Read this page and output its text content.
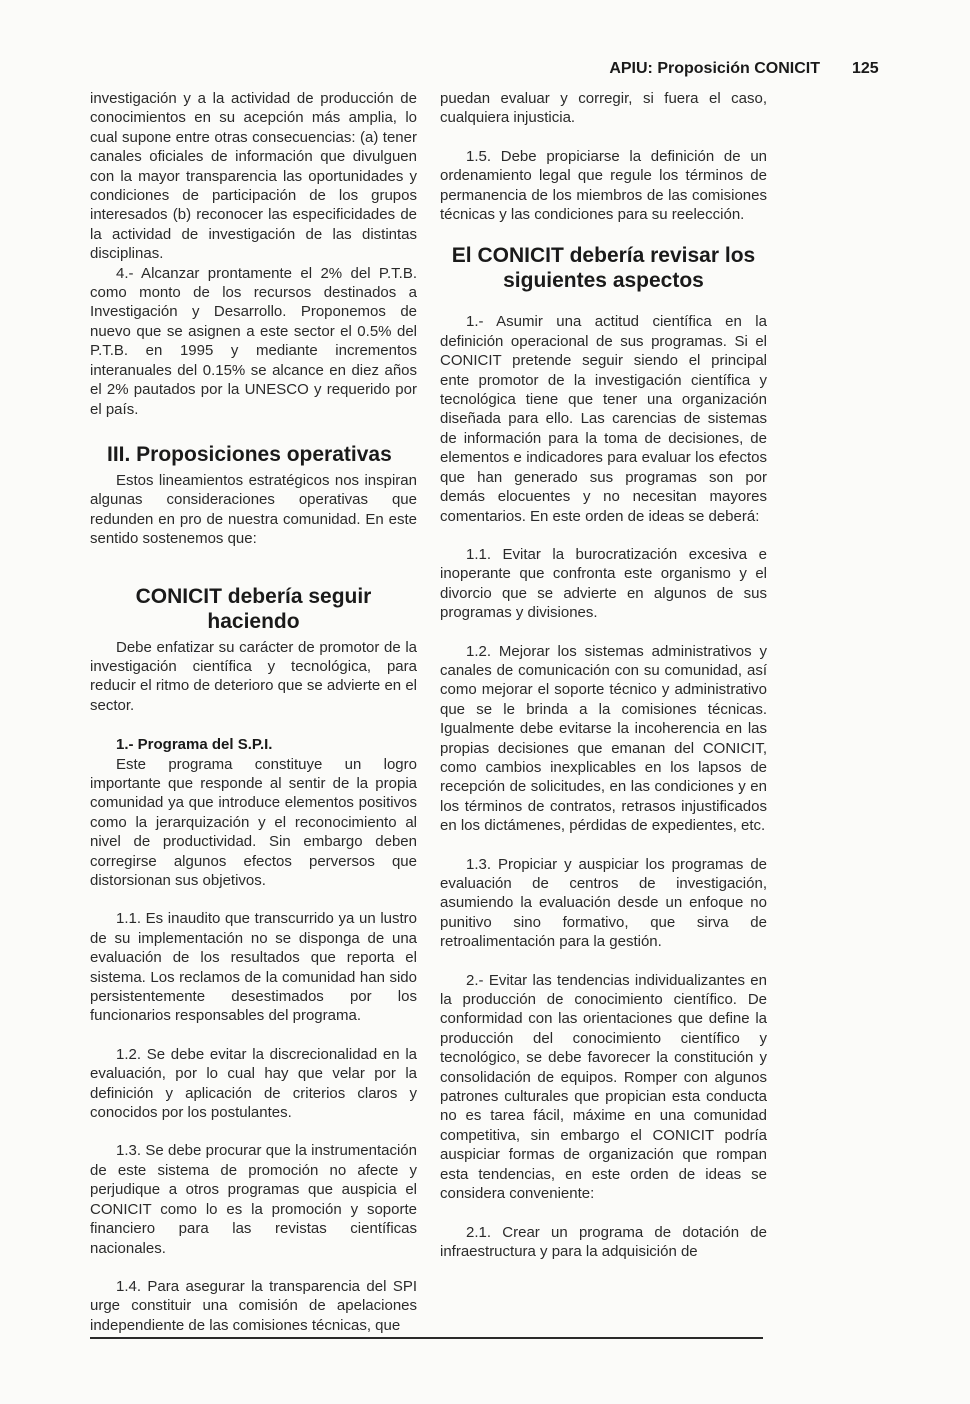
APIU: Proposición CONICIT 125

investigación y a la actividad de producción de conocimientos en su acepción más amplia, lo cual supone entre otras consecuencias: (a) tener canales oficiales de información que divulguen con la mayor transparencia las oportunidades y condiciones de participación de los grupos interesados (b) reconocer las especificidades de la actividad de investigación de las distintas disciplinas.

4.- Alcanzar prontamente el 2% del P.T.B. como monto de los recursos destinados a Investigación y Desarrollo. Proponemos de nuevo que se asignen a este sector el 0.5% del P.T.B. en 1995 y mediante incrementos interanuales del 0.15% se alcance en diez años el 2% pautados por la UNESCO y requerido por el país.

III. Proposiciones operativas

Estos lineamientos estratégicos nos inspiran algunas consideraciones operativas que redunden en pro de nuestra comunidad. En este sentido sostenemos que:

CONICIT debería seguir haciendo

Debe enfatizar su carácter de promotor de la investigación científica y tecnológica, para reducir el ritmo de deterioro que se advierte en el sector.

1.- Programa del S.P.I.

Este programa constituye un logro importante que responde al sentir de la propia comunidad ya que introduce elementos positivos como la jerarquización y el reconocimiento al nivel de productividad. Sin embargo deben corregirse algunos efectos perversos que distorsionan sus objetivos.

1.1. Es inaudito que transcurrido ya un lustro de su implementación no se disponga de una evaluación de los resultados que reporta el sistema. Los reclamos de la comunidad han sido persistentemente desestimados por los funcionarios responsables del programa.

1.2. Se debe evitar la discrecionalidad en la evaluación, por lo cual hay que velar por la definición y aplicación de criterios claros y conocidos por los postulantes.

1.3. Se debe procurar que la instrumentación de este sistema de promoción no afecte y perjudique a otros programas que auspicia el CONICIT como lo es la promoción y soporte financiero para las revistas científicas nacionales.

1.4. Para asegurar la transparencia del SPI urge constituir una comisión de apelaciones independiente de las comisiones técnicas, que

puedan evaluar y corregir, si fuera el caso, cualquiera injusticia.

1.5. Debe propiciarse la definición de un ordenamiento legal que regule los términos de permanencia de los miembros de las comisiones técnicas y las condiciones para su reelección.

El CONICIT debería revisar los siguientes aspectos

1.- Asumir una actitud científica en la definición operacional de sus programas. Si el CONICIT pretende seguir siendo el principal ente promotor de la investigación científica y tecnológica tiene que tener una organización diseñada para ello. Las carencias de sistemas de información para la toma de decisiones, de elementos e indicadores para evaluar los efectos que han generado sus programas son por demás elocuentes y no necesitan mayores comentarios. En este orden de ideas se deberá:

1.1. Evitar la burocratización excesiva e inoperante que confronta este organismo y el divorcio que se advierte en algunos de sus programas y divisiones.

1.2. Mejorar los sistemas administrativos y canales de comunicación con su comunidad, así como mejorar el soporte técnico y administrativo que se le brinda a la comisiones técnicas. Igualmente debe evitarse la incoherencia en las propias decisiones que emanan del CONICIT, como cambios inexplicables en los lapsos de recepción de solicitudes, en las condiciones y en los términos de contratos, retrasos injustificados en los dictámenes, pérdidas de expedientes, etc.

1.3. Propiciar y auspiciar los programas de evaluación de centros de investigación, asumiendo la evaluación desde un enfoque no punitivo sino formativo, que sirva de retroalimentación para la gestión.

2.- Evitar las tendencias individualizantes en la producción de conocimiento científico. De conformidad con las orientaciones que define la producción del conocimiento científico y tecnológico, se debe favorecer la constitución y consolidación de equipos. Romper con algunos patrones culturales que propician esta conducta no es tarea fácil, máxime en una comunidad competitiva, sin embargo el CONICIT podría auspiciar formas de organización que rompan esta tendencias, en este orden de ideas se considera conveniente:

2.1. Crear un programa de dotación de infraestructura y para la adquisición de
